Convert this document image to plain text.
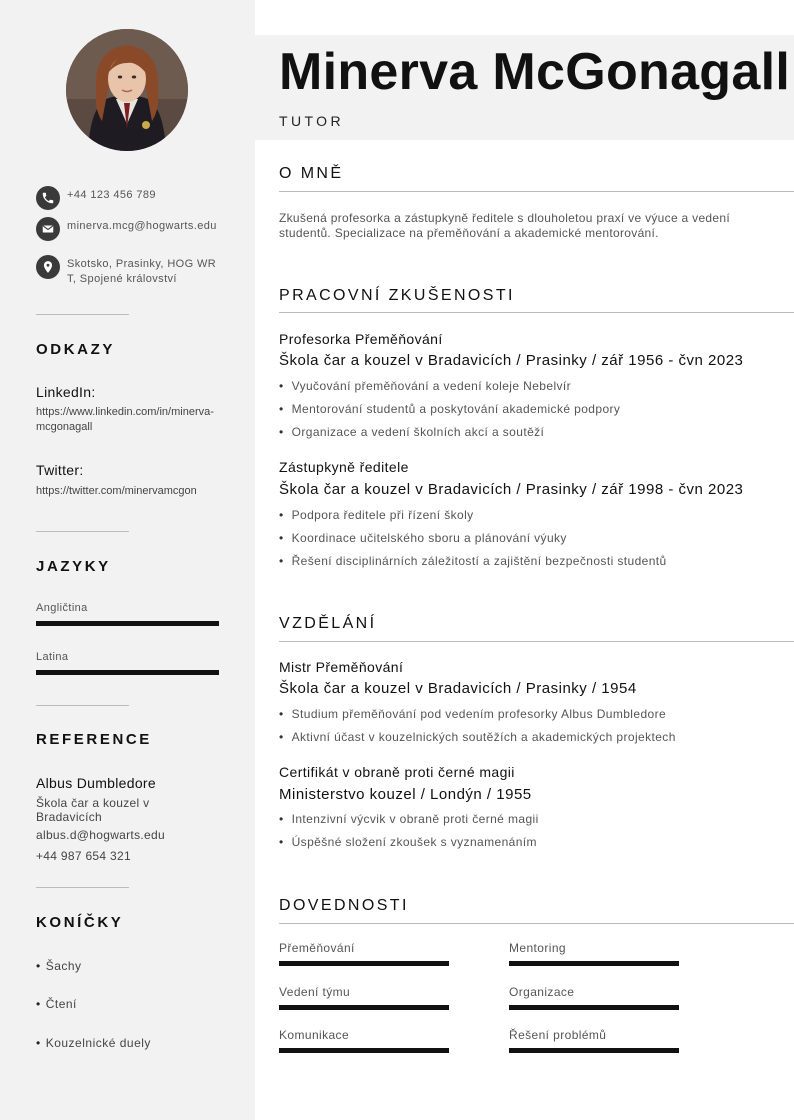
+44 123 456 789
minerva.mcg@hogwarts.edu
Skotsko, Prasinky, HOG WRT, Spojené království
ODKAZY
LinkedIn:
https://www.linkedin.com/in/minerva-mcgonagall
Twitter:
https://twitter.com/minervamcgon
JAZYKY
Angličtina
Latina
REFERENCE
Albus Dumbledore
Škola čar a kouzel v Bradavicích
albus.d@hogwarts.edu
+44 987 654 321
KONÍČKY
• Šachy
• Čtení
• Kouzelnické duely
Minerva McGonagall
TUTOR
O MNĚ
Zkušená profesorka a zástupkyně ředitele s dlouholetou praxí ve výuce a vedení studentů. Specializace na přeměňování a akademické mentorování.
PRACOVNÍ ZKUŠENOSTI
Profesorka Přeměňování
Škola čar a kouzel v Bradavicích / Prasinky / zář 1956 - čvn 2023
• Vyučování přeměňování a vedení koleje Nebelvír
• Mentorování studentů a poskytování akademické podpory
• Organizace a vedení školních akcí a soutěží
Zástupkyně ředitele
Škola čar a kouzel v Bradavicích / Prasinky / zář 1998 - čvn 2023
• Podpora ředitele při řízení školy
• Koordinace učitelského sboru a plánování výuky
• Řešení disciplinárních záležitostí a zajištění bezpečnosti studentů
VZDĚLÁNÍ
Mistr Přeměňování
Škola čar a kouzel v Bradavicích / Prasinky / 1954
• Studium přeměňování pod vedením profesorky Albus Dumbledore
• Aktivní účast v kouzelnických soutěžích a akademických projektech
Certifikát v obraně proti černé magii
Ministerstvo kouzel / Londýn / 1955
• Intenzivní výcvik v obraně proti černé magii
• Úspěšné složení zkoušek s vyznamenáním
DOVEDNOSTI
Přeměňování	Mentoring
Vedení týmu	Organizace
Komunikace	Řešení problémů
